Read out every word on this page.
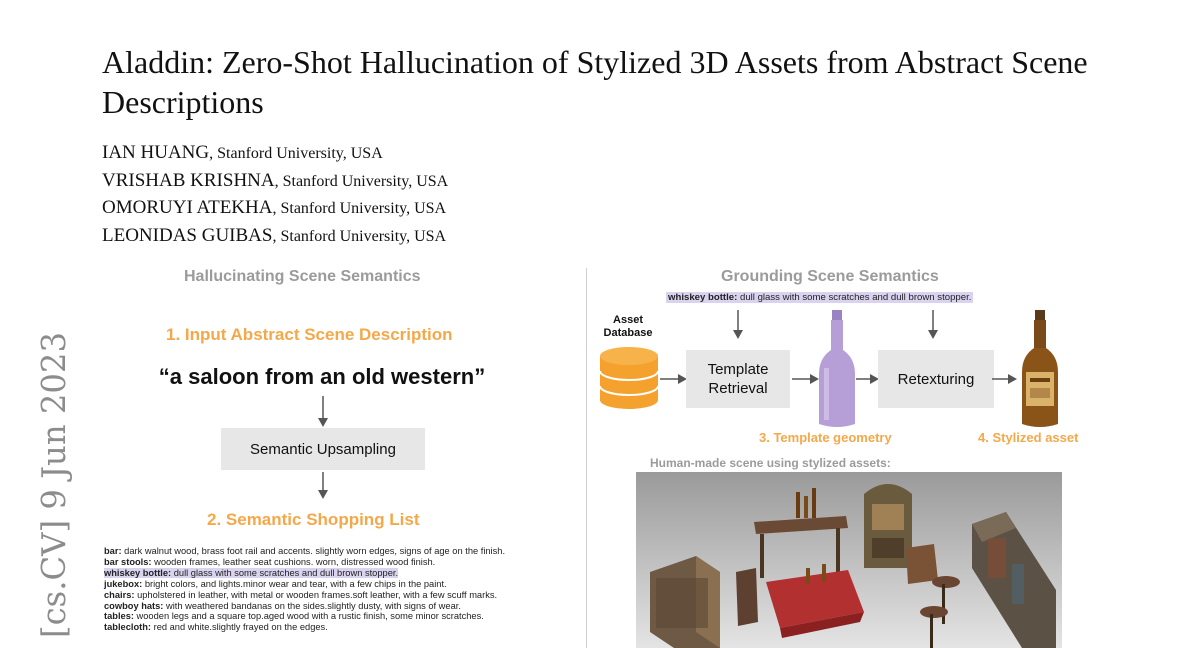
[cs.CV] 9 Jun 2023
Aladdin: Zero-Shot Hallucination of Stylized 3D Assets from Abstract Scene Descriptions
IAN HUANG, Stanford University, USA
VRISHAB KRISHNA, Stanford University, USA
OMORUYI ATEKHA, Stanford University, USA
LEONIDAS GUIBAS, Stanford University, USA
Hallucinating Scene Semantics	Grounding Scene Semantics
1. Input Abstract Scene Description
“a saloon from an old western”
Semantic Upsampling
2. Semantic Shopping List
bar: dark walnut wood, brass foot rail and accents. slightly worn edges, signs of age on the finish.
bar stools: wooden frames, leather seat cushions. worn, distressed wood finish.
whiskey bottle: dull glass with some scratches and dull brown stopper.
jukebox: bright colors, and lights.minor wear and tear, with a few chips in the paint.
chairs: upholstered in leather, with metal or wooden frames.soft leather, with a few scuff marks.
cowboy hats: with weathered bandanas on the sides.slightly dusty, with signs of wear.
tables: wooden legs and a square top.aged wood with a rustic finish, some minor scratches.
tablecloth: red and white.slightly frayed on the edges.
whiskey bottle: dull glass with some scratches and dull brown stopper.
Asset Database
Template Retrieval
Retexturing
3. Template geometry	4. Stylized asset
Human-made scene using stylized assets:
